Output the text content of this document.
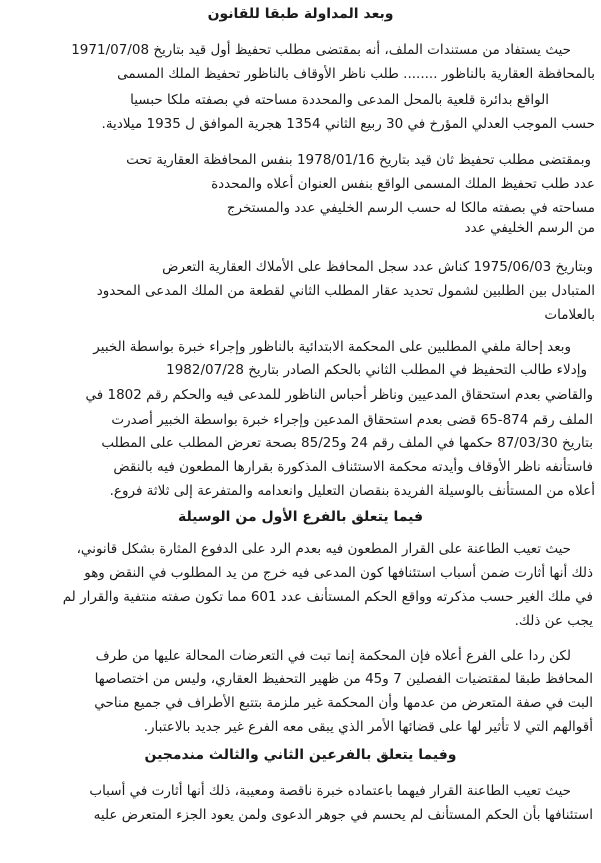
وبعد المداولة طبقا للقانون
حيث يستفاد من مستندات الملف، أنه بمقتضى مطلب تحفيظ أول قيد بتاريخ 1971/07/08
بالمحافظة العقارية بالناظور ........ طلب ناظر الأوقاف بالناظور تحفيظ الملك المسمى
الواقع بدائرة قلعية بالمحل المدعى والمحددة مساحته في بصفته ملكا حبسيا
حسب الموجب العدلي المؤرخ في 30 ربيع الثاني 1354 هجرية الموافق ل 1935 ميلادية.
وبمقتضى مطلب تحفيظ ثان قيد بتاريخ 1978/01/16 بنفس المحافظة العقارية تحت
عدد طلب تحفيظ الملك المسمى الواقع بنفس العنوان أعلاه والمحددة
مساحته في بصفته مالكا له حسب الرسم الخليفي عدد والمستخرج
من الرسم الخليفي عدد
وبتاريخ 1975/06/03 كناش عدد سجل المحافظ على الأملاك العقارية التعرض
المتبادل بين الطلبين لشمول تحديد عقار المطلب الثاني لقطعة من الملك المدعى المحدود
بالعلامات
وبعد إحالة ملفي المطلبين على المحكمة الابتدائية بالناظور وإجراء خبرة بواسطة الخبير
وإدلاء طالب التحفيظ في المطلب الثاني بالحكم الصادر بتاريخ 1982/07/28
والقاضي بعدم استحقاق المدعيين وناظر أحباس الناظور للمدعى فيه والحكم رقم 1802 في
الملف رقم 874-65 قضى بعدم استحقاق المدعين وإجراء خبرة بواسطة الخبير أصدرت
بتاريخ 87/03/30 حكمها في الملف رقم 24 و85/25 بصحة تعرض المطلب على المطلب
فاستأنفه ناظر الأوقاف وأيدته محكمة الاستئناف المذكورة بقرارها المطعون فيه بالنقض
أعلاه من المستأنف بالوسيلة الفريدة بنقصان التعليل وانعدامه والمتفرعة إلى ثلاثة فروع.
فيما يتعلق بالفرع الأول من الوسيلة
حيث تعيب الطاعنة على القرار المطعون فيه بعدم الرد على الدفوع المثارة بشكل قانوني،
ذلك أنها أثارت ضمن أسباب استئنافها كون المدعى فيه خرج من يد المطلوب في النقض وهو
في ملك الغير حسب مذكرته وواقع الحكم المستأنف عدد 601 مما تكون صفته منتفية والقرار لم
يجب عن ذلك.
لكن ردا على الفرع أعلاه فإن المحكمة إنما تبت في التعرضات المحالة عليها من طرف
المحافظ طبقا لمقتضيات الفصلين 7 و45 من ظهير التحفيظ العقاري، وليس من اختصاصها
البت في صفة المتعرض من عدمها وأن المحكمة غير ملزمة بتتبع الأطراف في جميع مناحي
أقوالهم التي لا تأثير لها على قضائها الأمر الذي يبقى معه الفرع غير جديد بالاعتبار.
وفيما يتعلق بالفرعين الثاني والثالث مندمجين
حيث تعيب الطاعنة القرار فيهما باعتماده خبرة ناقصة ومعيبة، ذلك أنها أثارت في أسباب
استئنافها بأن الحكم المستأنف لم يحسم في جوهر الدعوى ولمن يعود الجزء المتعرض عليه
